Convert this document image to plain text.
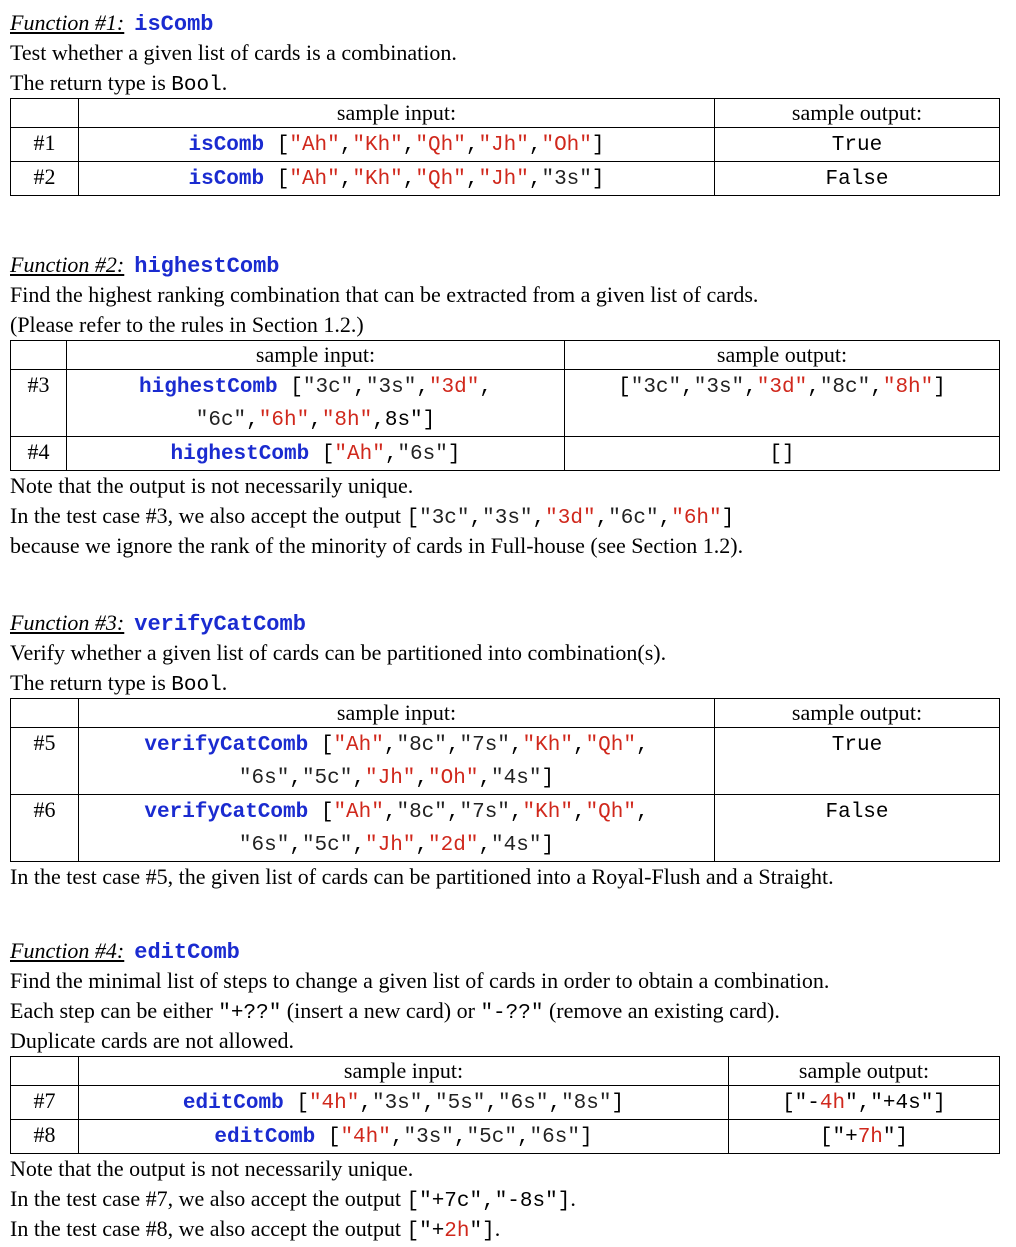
Function #1: isComb
Test whether a given list of cards is a combination.
The return type is Bool.
	sample input:	sample output:
#1	isComb ["Ah","Kh","Qh","Jh","Oh"]	True

#2	isComb ["Ah","Kh","Qh","Jh","3s"]	False
Function #2: highestComb
Find the highest ranking combination that can be extracted from a given list of cards.
(Please refer to the rules in Section 1.2.)
	sample input:	sample output:
#3	highestComb ["3c","3s","3d",
"6c","6h","8h",8s"]	["3c","3s","3d","8c","8h"]

#4	highestComb ["Ah","6s"]	[]
Note that the output is not necessarily unique.
In the test case #3, we also accept the output ["3c","3s","3d","6c","6h"]
because we ignore the rank of the minority of cards in Full-house (see Section 1.2).
Function #3: verifyCatComb
Verify whether a given list of cards can be partitioned into combination(s).
The return type is Bool.
	sample input:	sample output:
#5	verifyCatComb ["Ah","8c","7s","Kh","Qh",
"6s","5c","Jh","Oh","4s"]	True

#6	verifyCatComb ["Ah","8c","7s","Kh","Qh",
"6s","5c","Jh","2d","4s"]	False
In the test case #5, the given list of cards can be partitioned into a Royal-Flush and a Straight.
Function #4: editComb
Find the minimal list of steps to change a given list of cards in order to obtain a combination.
Each step can be either "+??" (insert a new card) or "-??" (remove an existing card).
Duplicate cards are not allowed.
	sample input:	sample output:
#7	editComb ["4h","3s","5s","6s","8s"]	["-4h","+4s"]

#8	editComb ["4h","3s","5c","6s"]	["+7h"]
Note that the output is not necessarily unique.
In the test case #7, we also accept the output ["+7c","-8s"].
In the test case #8, we also accept the output ["+2h"].
